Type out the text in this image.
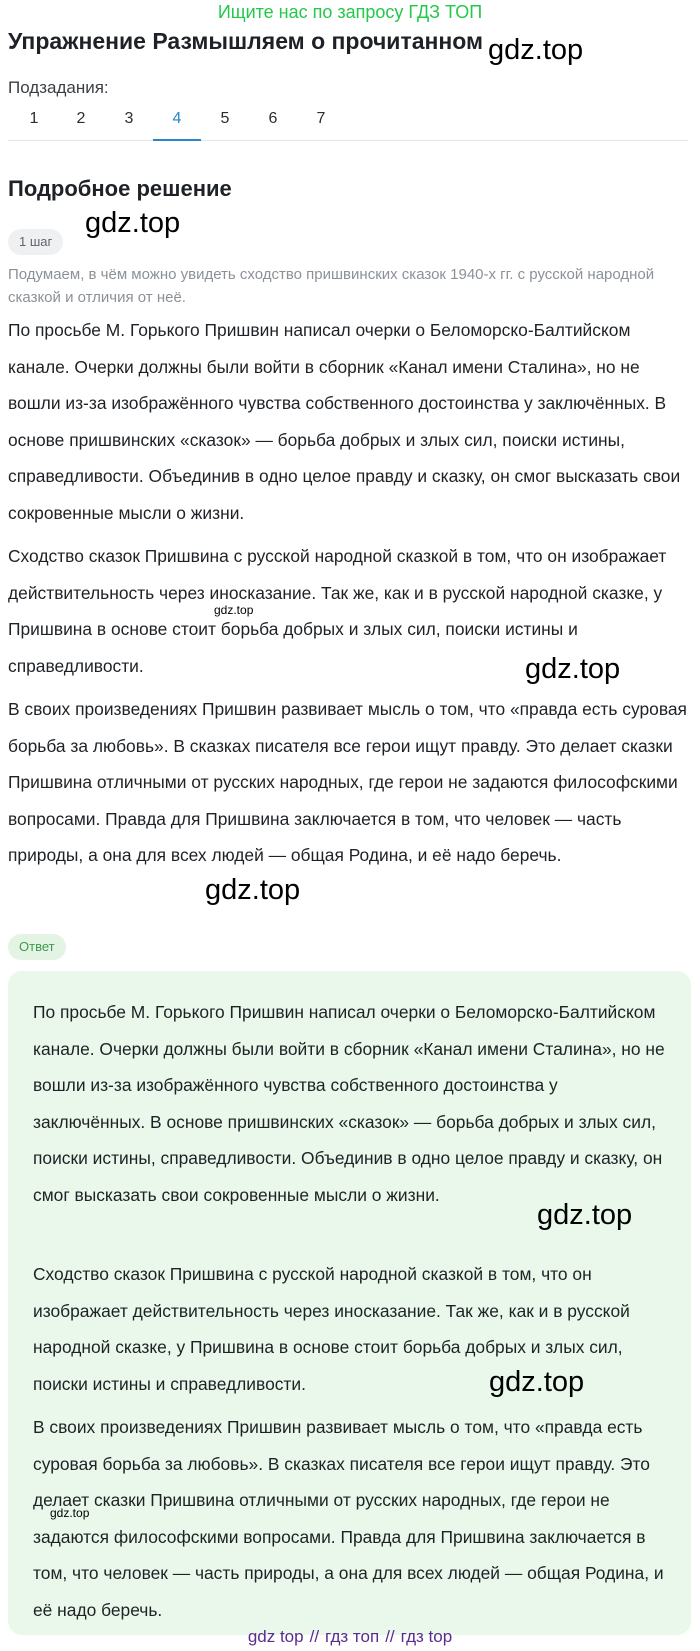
Ищите нас по запросу ГДЗ ТОП
Упражнение Размышляем о прочитанном gdz.top
Подзадания:
1	2	3	4	5	6	7
Подробное решение
1 шаг
gdz.top
Подумаем, в чём можно увидеть сходство пришвинских сказок 1940-х гг. с русской народной сказкой и отличия от неё.

По просьбе М. Горького Пришвин написал очерки о Беломорско-Балтийском канале. Очерки должны были войти в сборник «Канал имени Сталина», но не вошли из-за изображённого чувства собственного достоинства у заключённых. В основе пришвинских «сказок» — борьба добрых и злых сил, поиски истины, справедливости. Объединив в одно целое правду и сказку, он смог высказать свои сокровенные мысли о жизни.

Сходство сказок Пришвина с русской народной сказкой в том, что он изображает действительность через иносказание. Так же, как и в русской народной сказке, у Пришвина в основе стоит борьба добрых и злых сил, поиски истины и справедливости.

В своих произведениях Пришвин развивает мысль о том, что «правда есть суровая борьба за любовь». В сказках писателя все герои ищут правду. Это делает сказки Пришвина отличными от русских народных, где герои не задаются философскими вопросами. Правда для Пришвина заключается в том, что человек — часть природы, а она для всех людей — общая Родина, и её надо беречь.

gdz.top
gdz.top
gdz.top
Ответ

По просьбе М. Горького Пришвин написал очерки о Беломорско-Балтийском канале. Очерки должны были войти в сборник «Канал имени Сталина», но не вошли из-за изображённого чувства собственного достоинства у заключённых. В основе пришвинских «сказок» — борьба добрых и злых сил, поиски истины, справедливости. Объединив в одно целое правду и сказку, он смог высказать свои сокровенные мысли о жизни.

Сходство сказок Пришвина с русской народной сказкой в том, что он изображает действительность через иносказание. Так же, как и в русской народной сказке, у Пришвина в основе стоит борьба добрых и злых сил, поиски истины и справедливости.

В своих произведениях Пришвин развивает мысль о том, что «правда есть суровая борьба за любовь». В сказках писателя все герои ищут правду. Это делает сказки Пришвина отличными от русских народных, где герои не задаются философскими вопросами. Правда для Пришвина заключается в том, что человек — часть природы, а она для всех людей — общая Родина, и её надо беречь.

gdz.top
gdz.top
gdz.top
gdz top // гдз топ // гдз top
